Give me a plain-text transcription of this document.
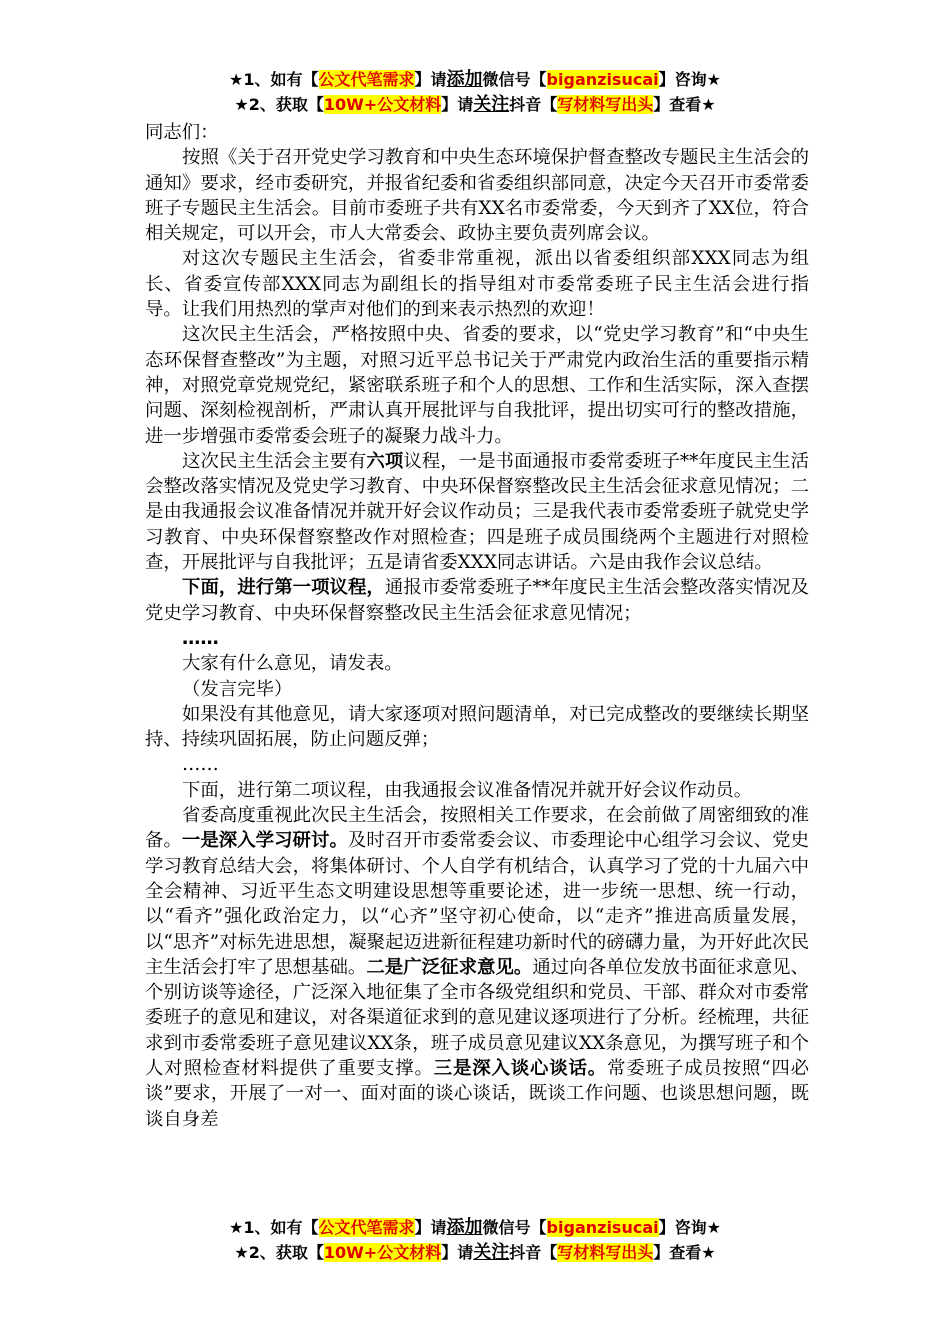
★1、如有【公文代笔需求】请添加微信号【biganzisucai】咨询★
★2、获取【10W+公文材料】请关注抖音【写材料写出头】查看★

同志们：

按照《关于召开党史学习教育和中央生态环境保护督查整改专题民主生活会的通知》要求，经市委研究，并报省纪委和省委组织部同意，决定今天召开市委常委班子专题民主生活会。目前市委班子共有XX名市委常委，今天到齐了XX位，符合相关规定，可以开会，市人大常委会、政协主要负责列席会议。

对这次专题民主生活会，省委非常重视，派出以省委组织部XXX同志为组长、省委宣传部XXX同志为副组长的指导组对市委常委班子民主生活会进行指导。让我们用热烈的掌声对他们的到来表示热烈的欢迎！

这次民主生活会，严格按照中央、省委的要求，以“党史学习教育”和“中央生态环保督查整改”为主题，对照习近平总书记关于严肃党内政治生活的重要指示精神，对照党章党规党纪，紧密联系班子和个人的思想、工作和生活实际，深入查摆问题、深刻检视剖析，严肃认真开展批评与自我批评，提出切实可行的整改措施，进一步增强市委常委会班子的凝聚力战斗力。

这次民主生活会主要有六项议程，一是书面通报市委常委班子**年度民主生活会整改落实情况及党史学习教育、中央环保督察整改民主生活会征求意见情况；二是由我通报会议准备情况并就开好会议作动员；三是我代表市委常委班子就党史学习教育、中央环保督察整改作对照检查；四是班子成员围绕两个主题进行对照检查，开展批评与自我批评；五是请省委XXX同志讲话。六是由我作会议总结。

下面，进行第一项议程，通报市委常委班子**年度民主生活会整改落实情况及党史学习教育、中央环保督察整改民主生活会征求意见情况；

……

大家有什么意见，请发表。

（发言完毕）

如果没有其他意见，请大家逐项对照问题清单，对已完成整改的要继续长期坚持、持续巩固拓展，防止问题反弹；

……

下面，进行第二项议程，由我通报会议准备情况并就开好会议作动员。

省委高度重视此次民主生活会，按照相关工作要求，在会前做了周密细致的准备。一是深入学习研讨。及时召开市委常委会议、市委理论中心组学习会议、党史学习教育总结大会，将集体研讨、个人自学有机结合，认真学习了党的十九届六中全会精神、习近平生态文明建设思想等重要论述，进一步统一思想、统一行动，以“看齐”强化政治定力，以“心齐”坚守初心使命，以“走齐”推进高质量发展，以“思齐”对标先进思想，凝聚起迈进新征程建功新时代的磅礴力量，为开好此次民主生活会打牢了思想基础。二是广泛征求意见。通过向各单位发放书面征求意见、个别访谈等途径，广泛深入地征集了全市各级党组织和党员、干部、群众对市委常委班子的意见和建议，对各渠道征求到的意见建议逐项进行了分析。经梳理，共征求到市委常委班子意见建议XX条，班子成员意见建议XX条意见，为撰写班子和个人对照检查材料提供了重要支撑。三是深入谈心谈话。常委班子成员按照“四必谈”要求，开展了一对一、面对面的谈心谈话，既谈工作问题、也谈思想问题，既谈自身差

★1、如有【公文代笔需求】请添加微信号【biganzisucai】咨询★
★2、获取【10W+公文材料】请关注抖音【写材料写出头】查看★
